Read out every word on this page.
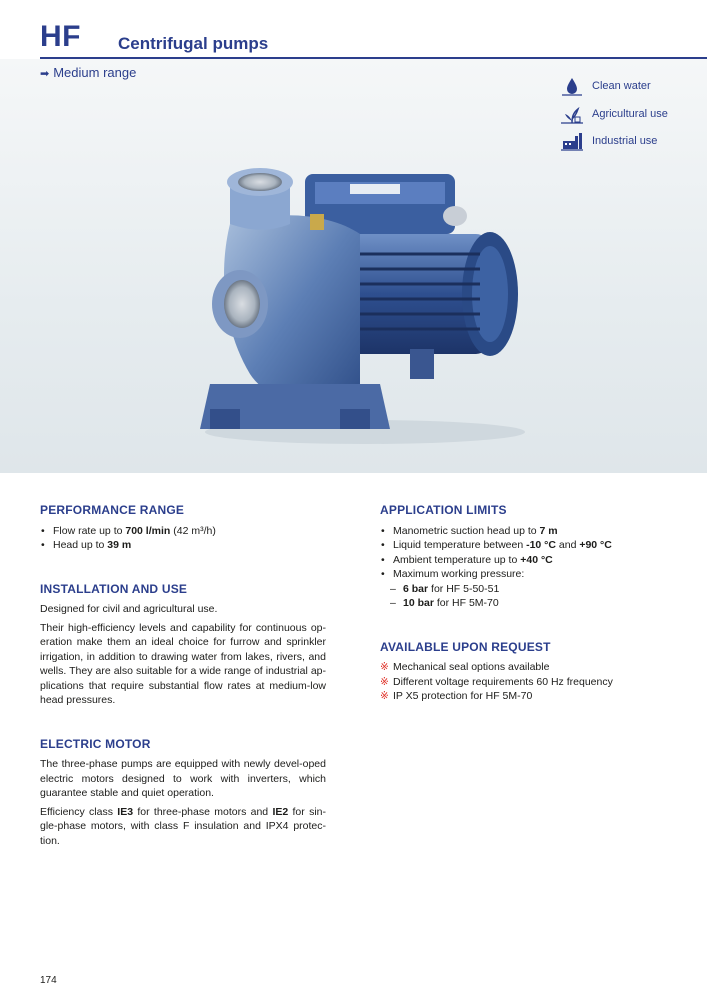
HF Centrifugal pumps
➡ Medium range
Clean water
Agricultural use
Industrial use
PERFORMANCE RANGE
• Flow rate up to 700 l/min (42 m³/h)
• Head up to 39 m
INSTALLATION AND USE

Designed for civil and agricultural use.

Their high-efficiency levels and capability for continuous op-eration make them an ideal choice for furrow and sprinkler irrigation, in addition to drawing water from lakes, rivers, and wells. They are also suitable for a wide range of industrial ap-plications that require substantial flow rates at medium-low head pressures.

ELECTRIC MOTOR

The three-phase pumps are equipped with newly devel-oped electric motors designed to work with inverters, which guarantee stable and quiet operation.

Efficiency class IE3 for three-phase motors and IE2 for sin-gle-phase motors, with class F insulation and IPX4 protec-tion.

APPLICATION LIMITS
• Manometric suction head up to 7 m
• Liquid temperature between -10 °C and +90 °C
• Ambient temperature up to +40 °C
• Maximum working pressure:
– 6 bar for HF 5-50-51
– 10 bar for HF 5M-70
AVAILABLE UPON REQUEST
※ Mechanical seal options available
※ Different voltage requirements 60 Hz frequency
※ IP X5 protection for HF 5M-70
174
